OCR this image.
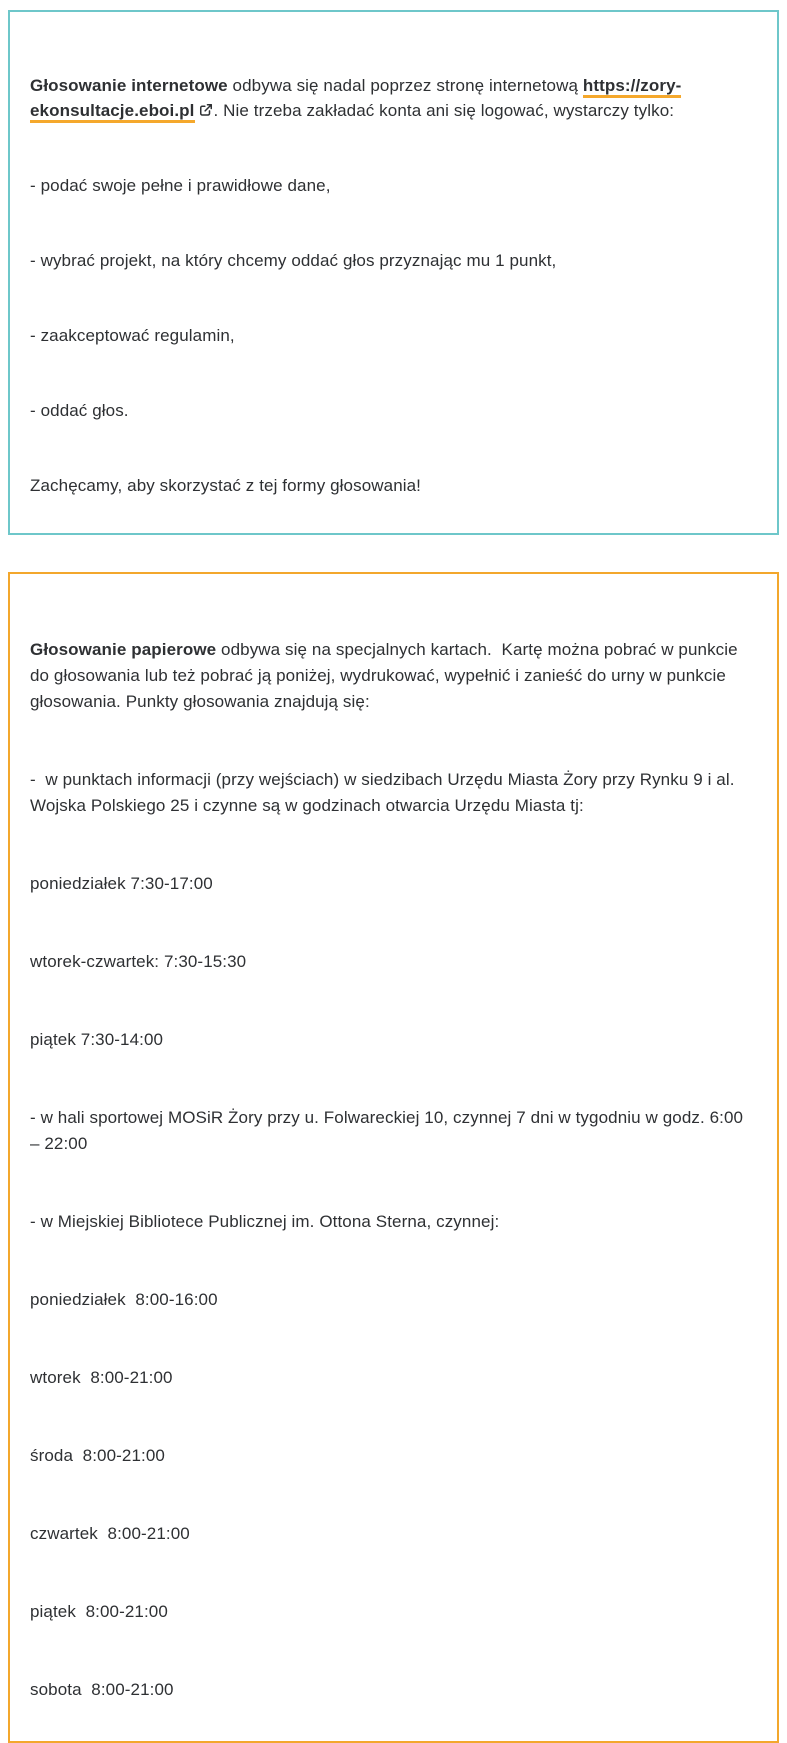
Głosowanie internetowe odbywa się nadal poprzez stronę internetową https://zory-ekonsultacje.eboi.pl . Nie trzeba zakładać konta ani się logować, wystarczy tylko:

- podać swoje pełne i prawidłowe dane,

- wybrać projekt, na który chcemy oddać głos przyznając mu 1 punkt,

- zaakceptować regulamin,

- oddać głos.

Zachęcamy, aby skorzystać z tej formy głosowania!

Głosowanie papierowe odbywa się na specjalnych kartach.  Kartę można pobrać w punkcie do głosowania lub też pobrać ją poniżej, wydrukować, wypełnić i zanieść do urny w punkcie głosowania. Punkty głosowania znajdują się:

-  w punktach informacji (przy wejściach) w siedzibach Urzędu Miasta Żory przy Rynku 9 i al. Wojska Polskiego 25 i czynne są w godzinach otwarcia Urzędu Miasta tj:

poniedziałek 7:30-17:00

wtorek-czwartek: 7:30-15:30

piątek 7:30-14:00

- w hali sportowej MOSiR Żory przy u. Folwareckiej 10, czynnej 7 dni w tygodniu w godz. 6:00 – 22:00

- w Miejskiej Bibliotece Publicznej im. Ottona Sterna, czynnej:

poniedziałek  8:00-16:00

wtorek  8:00-21:00

środa  8:00-21:00

czwartek  8:00-21:00

piątek  8:00-21:00

sobota  8:00-21:00
